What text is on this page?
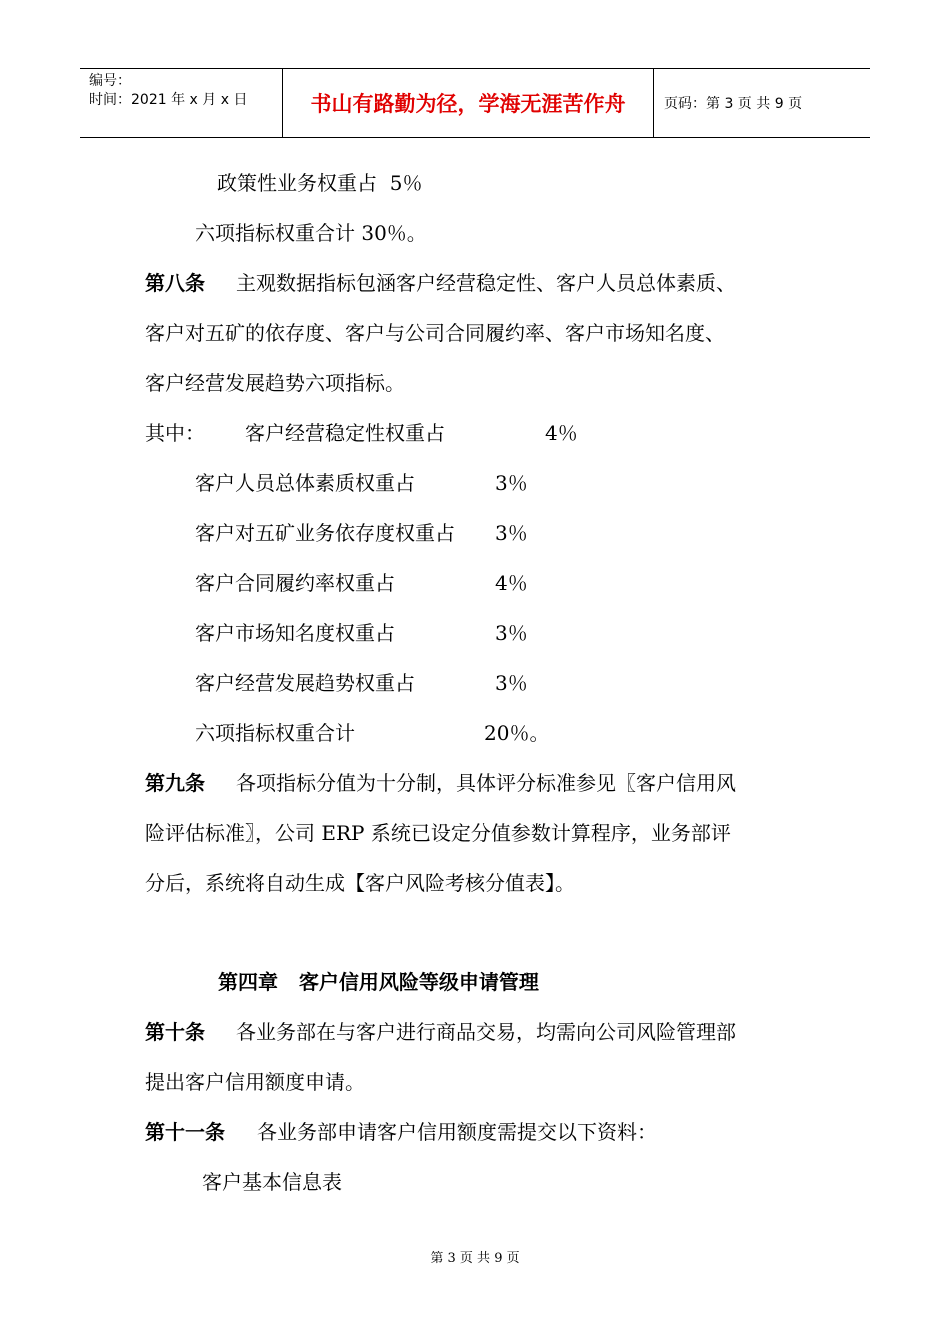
编号：
时间：2021 年 x 月 x 日	书山有路勤为径，学海无涯苦作舟	页码：第 3 页 共 9 页
政策性业务权重占  5％
六项指标权重合计 30％。
第八条 主观数据指标包涵客户经营稳定性、客户人员总体素质、
客户对五矿的依存度、客户与公司合同履约率、客户市场知名度、
客户经营发展趋势六项指标。
其中： 客户经营稳定性权重占	4％
客户人员总体素质权重占	3％
客户对五矿业务依存度权重占 3％
客户合同履约率权重占	4％
客户市场知名度权重占	3％
客户经营发展趋势权重占	3％
六项指标权重合计	20％。
第九条 各项指标分值为十分制，具体评分标准参见〖客户信用风
险评估标准〗，公司 ERP 系统已设定分值参数计算程序，业务部评
分后，系统将自动生成【客户风险考核分值表】。
第四章   客户信用风险等级申请管理
第十条 各业务部在与客户进行商品交易，均需向公司风险管理部
提出客户信用额度申请。
第十一条 各业务部申请客户信用额度需提交以下资料：
客户基本信息表
第 3 页 共 9 页
